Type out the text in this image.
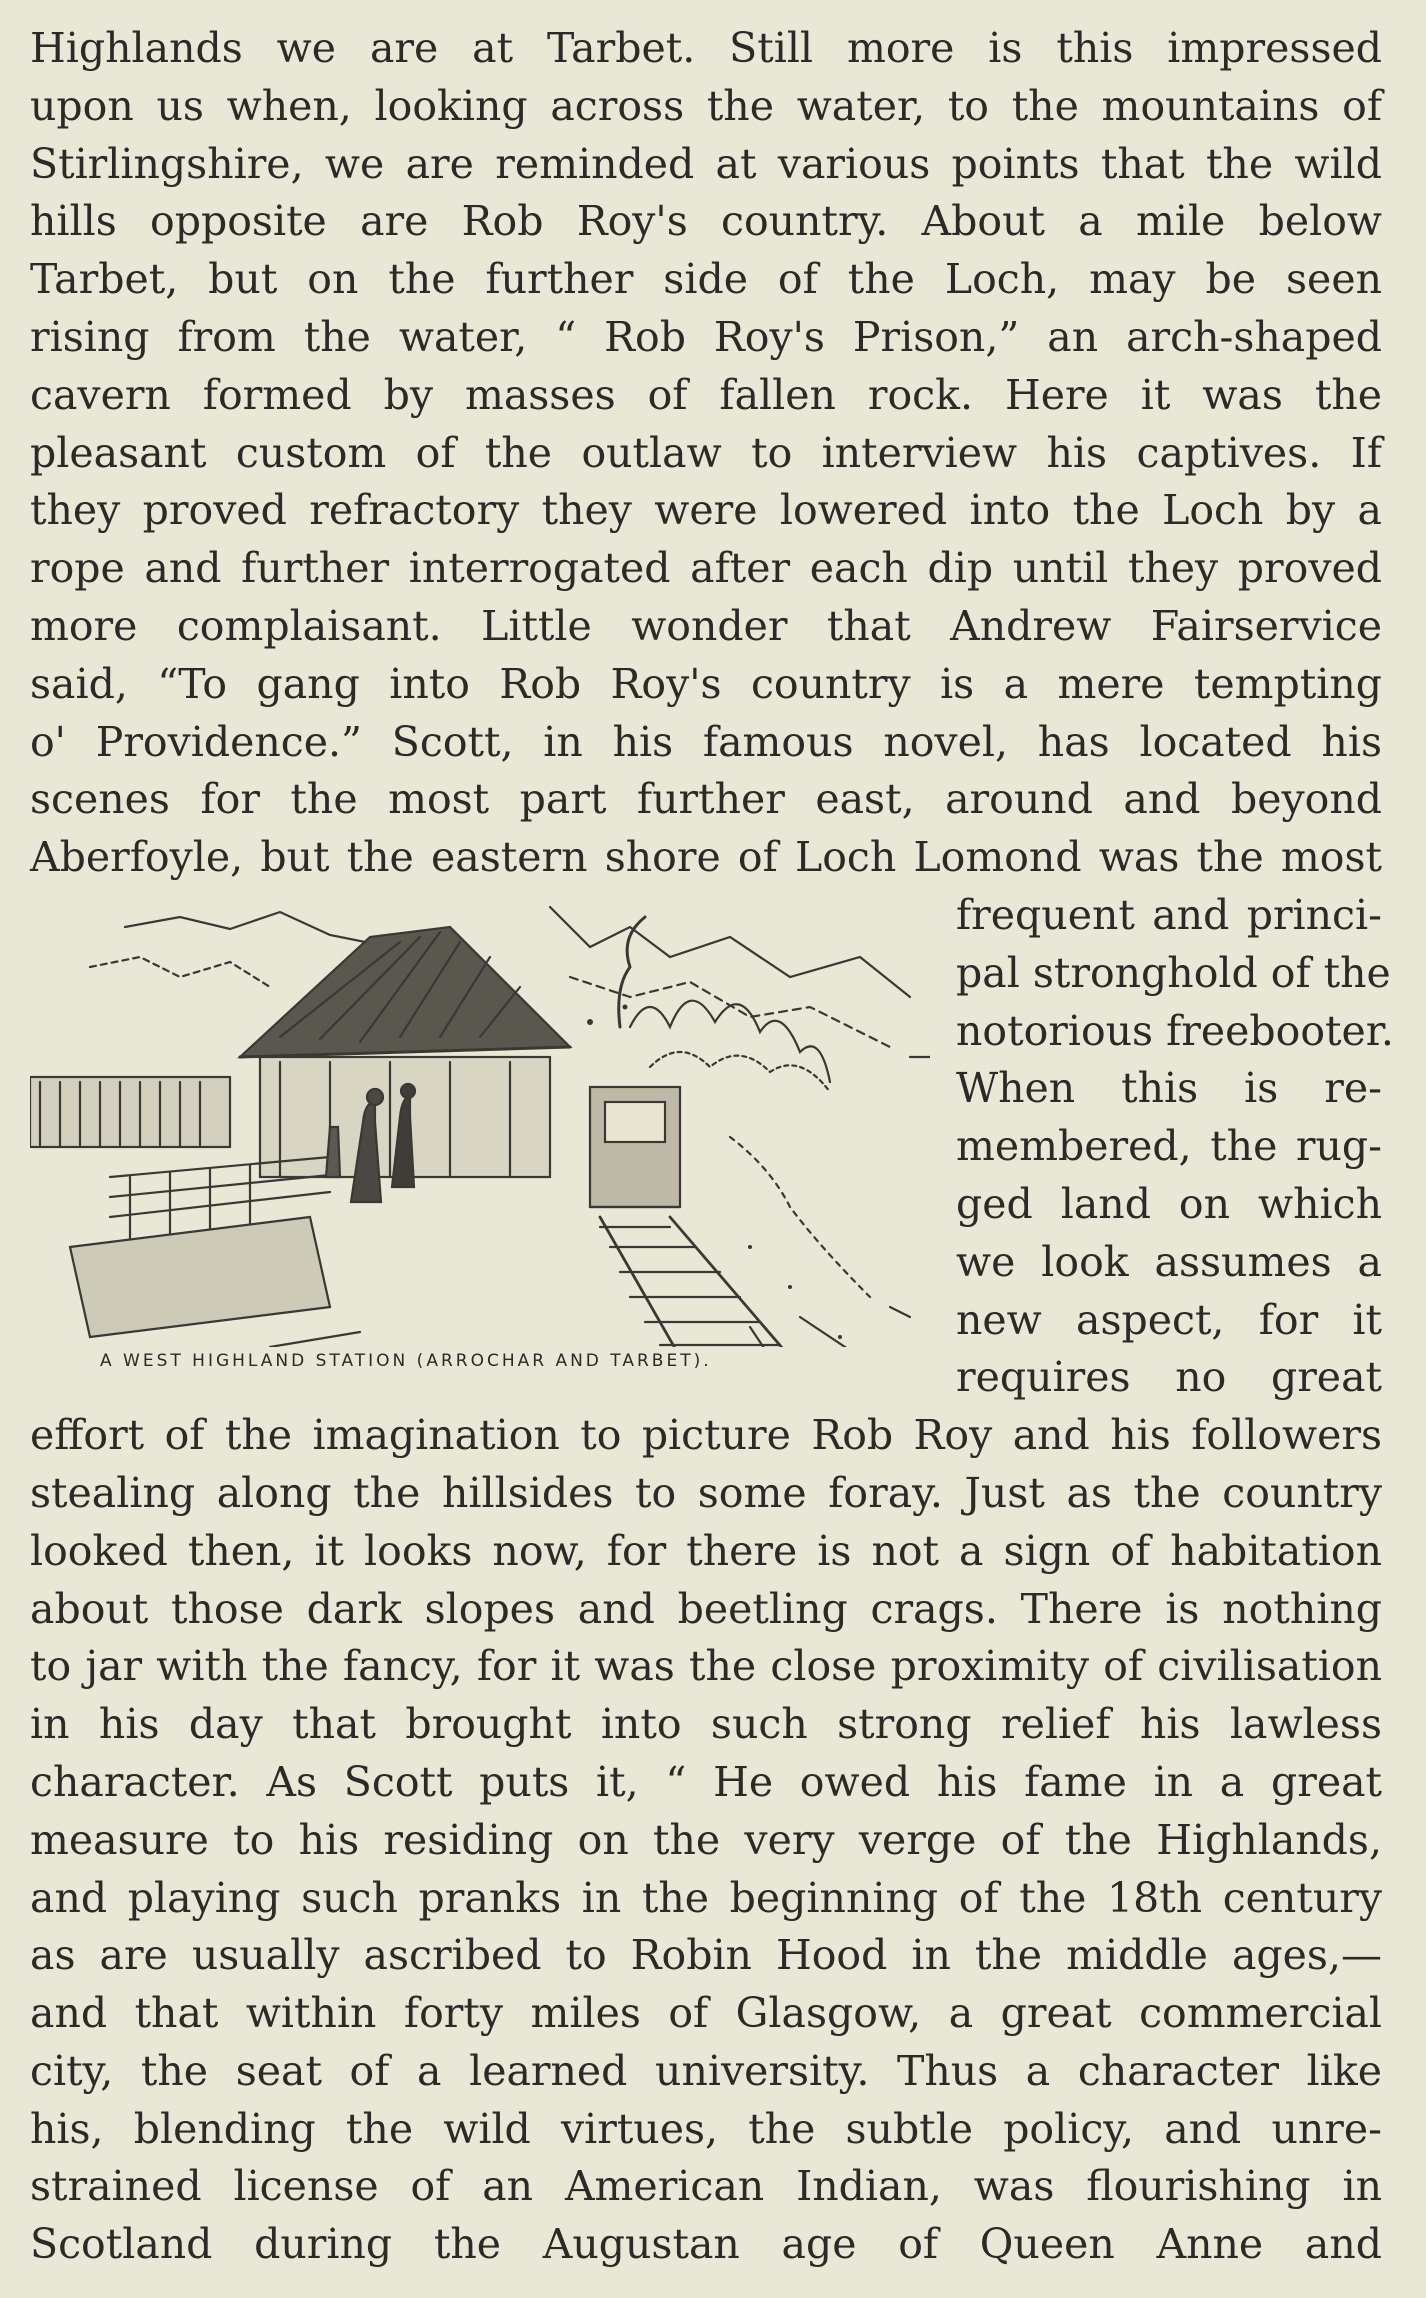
Highlands we are at Tarbet. Still more is this impressed
upon us when, looking across the water, to the mountains of
Stirlingshire, we are reminded at various points that the wild
hills opposite are Rob Roy's country. About a mile below
Tarbet, but on the further side of the Loch, may be seen
rising from the water, “ Rob Roy's Prison,” an arch-shaped
cavern formed by masses of fallen rock. Here it was the
pleasant custom of the outlaw to interview his captives. If
they proved refractory they were lowered into the Loch by a
rope and further interrogated after each dip until they proved
more complaisant. Little wonder that Andrew Fairservice
said, “To gang into Rob Roy's country is a mere tempting
o' Providence.” Scott, in his famous novel, has located his
scenes for the most part further east, around and beyond
Aberfoyle, but the eastern shore of Loch Lomond was the most
A WEST HIGHLAND STATION (ARROCHAR AND TARBET).
frequent and princi-
pal stronghold of the
notorious freebooter.
When this is re-
membered, the rug-
ged land on which
we look assumes a
new aspect, for it
requires no great
effort of the imagination to picture Rob Roy and his followers
stealing along the hillsides to some foray. Just as the country
looked then, it looks now, for there is not a sign of habitation
about those dark slopes and beetling crags. There is nothing
to jar with the fancy, for it was the close proximity of civilisation
in his day that brought into such strong relief his lawless
character. As Scott puts it, “ He owed his fame in a great
measure to his residing on the very verge of the Highlands,
and playing such pranks in the beginning of the 18th century
as are usually ascribed to Robin Hood in the middle ages,—
and that within forty miles of Glasgow, a great commercial
city, the seat of a learned university. Thus a character like
his, blending the wild virtues, the subtle policy, and unre-
strained license of an American Indian, was flourishing in
Scotland during the Augustan age of Queen Anne and
